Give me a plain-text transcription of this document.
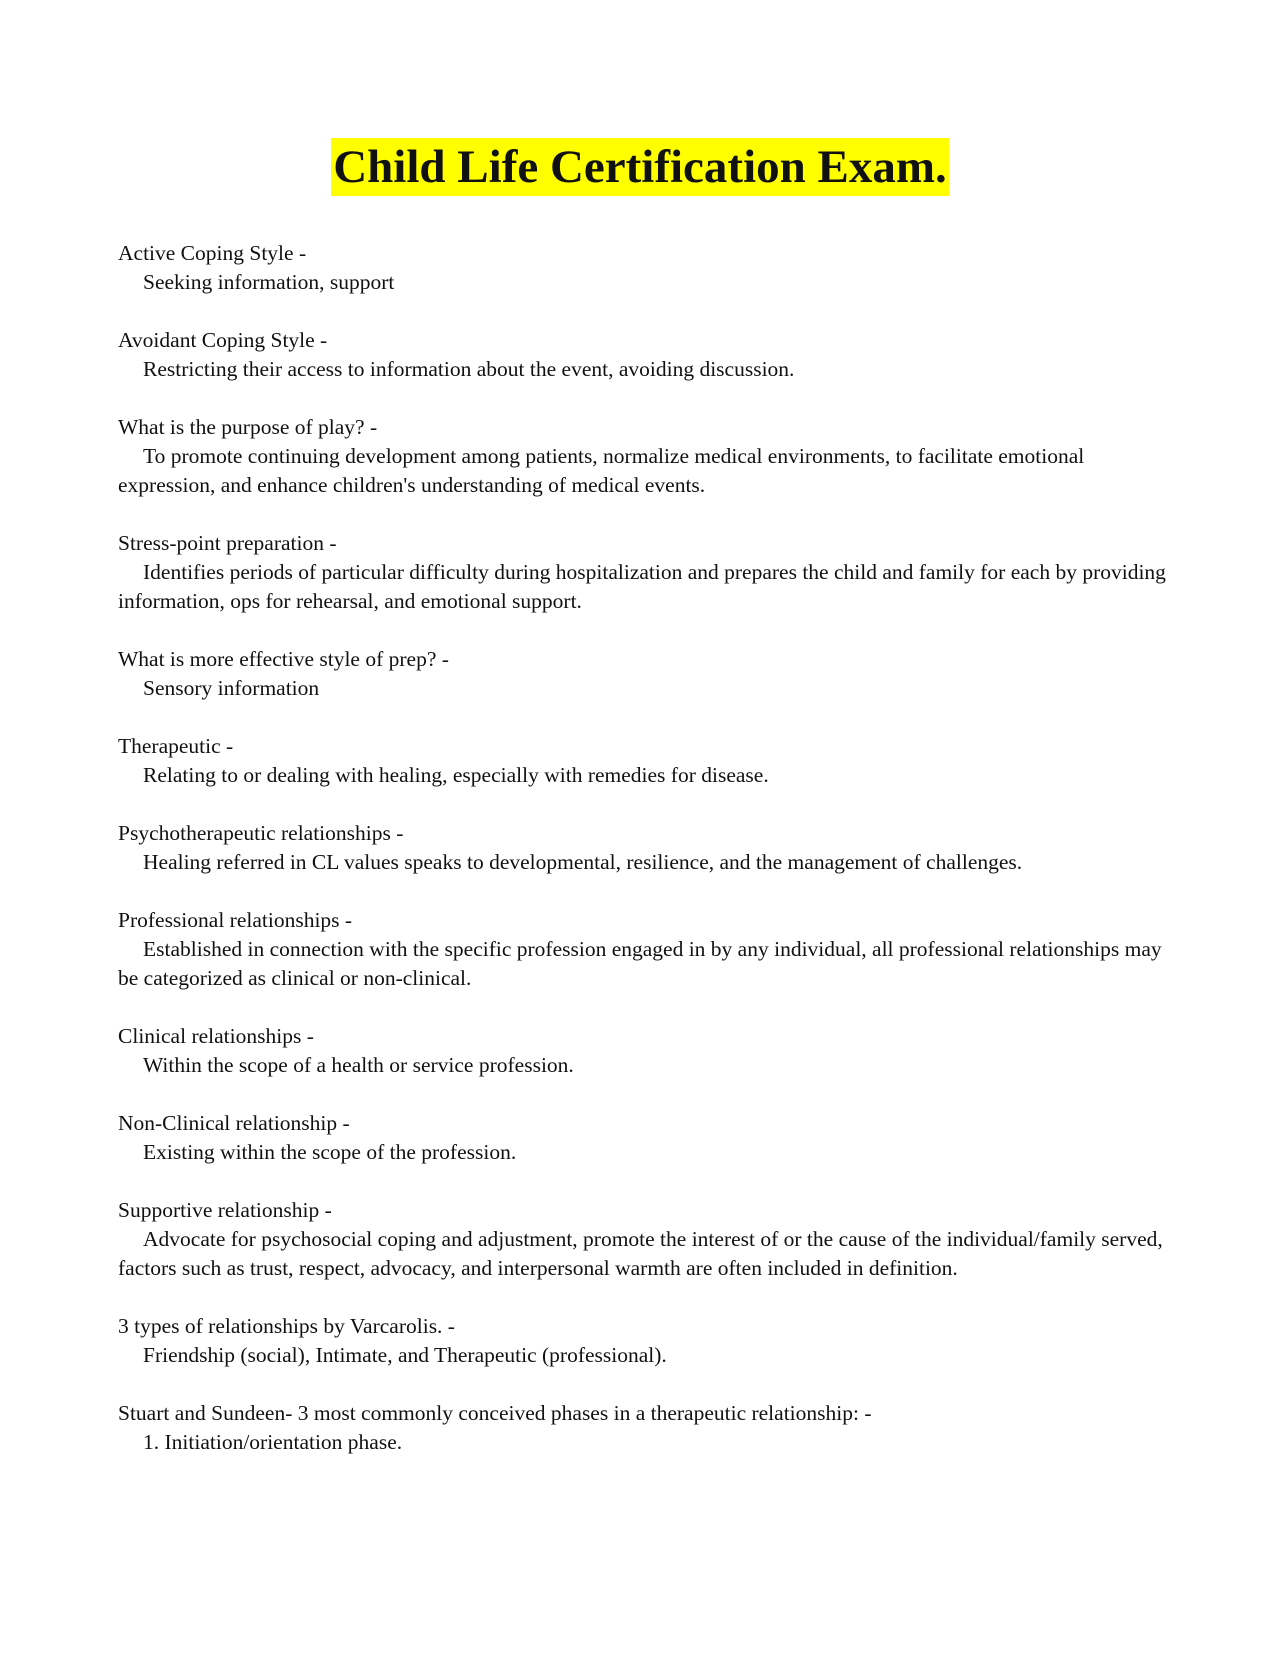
Child Life Certification Exam.

Active Coping Style -

Seeking information, support

Avoidant Coping Style -

Restricting their access to information about the event, avoiding discussion.

What is the purpose of play? -

To promote continuing development among patients, normalize medical environments, to facilitate emotional expression, and enhance children's understanding of medical events.

Stress-point preparation -

Identifies periods of particular difficulty during hospitalization and prepares the child and family for each by providing information, ops for rehearsal, and emotional support.

What is more effective style of prep? -

Sensory information

Therapeutic -

Relating to or dealing with healing, especially with remedies for disease.

Psychotherapeutic relationships -

Healing referred in CL values speaks to developmental, resilience, and the management of challenges.

Professional relationships -

Established in connection with the specific profession engaged in by any individual, all professional relationships may be categorized as clinical or non-clinical.

Clinical relationships -

Within the scope of a health or service profession.

Non-Clinical relationship -

Existing within the scope of the profession.

Supportive relationship -

Advocate for psychosocial coping and adjustment, promote the interest of or the cause of the individual/family served, factors such as trust, respect, advocacy, and interpersonal warmth are often included in definition.

3 types of relationships by Varcarolis. -

Friendship (social), Intimate, and Therapeutic (professional).

Stuart and Sundeen- 3 most commonly conceived phases in a therapeutic relationship: -

1. Initiation/orientation phase.
